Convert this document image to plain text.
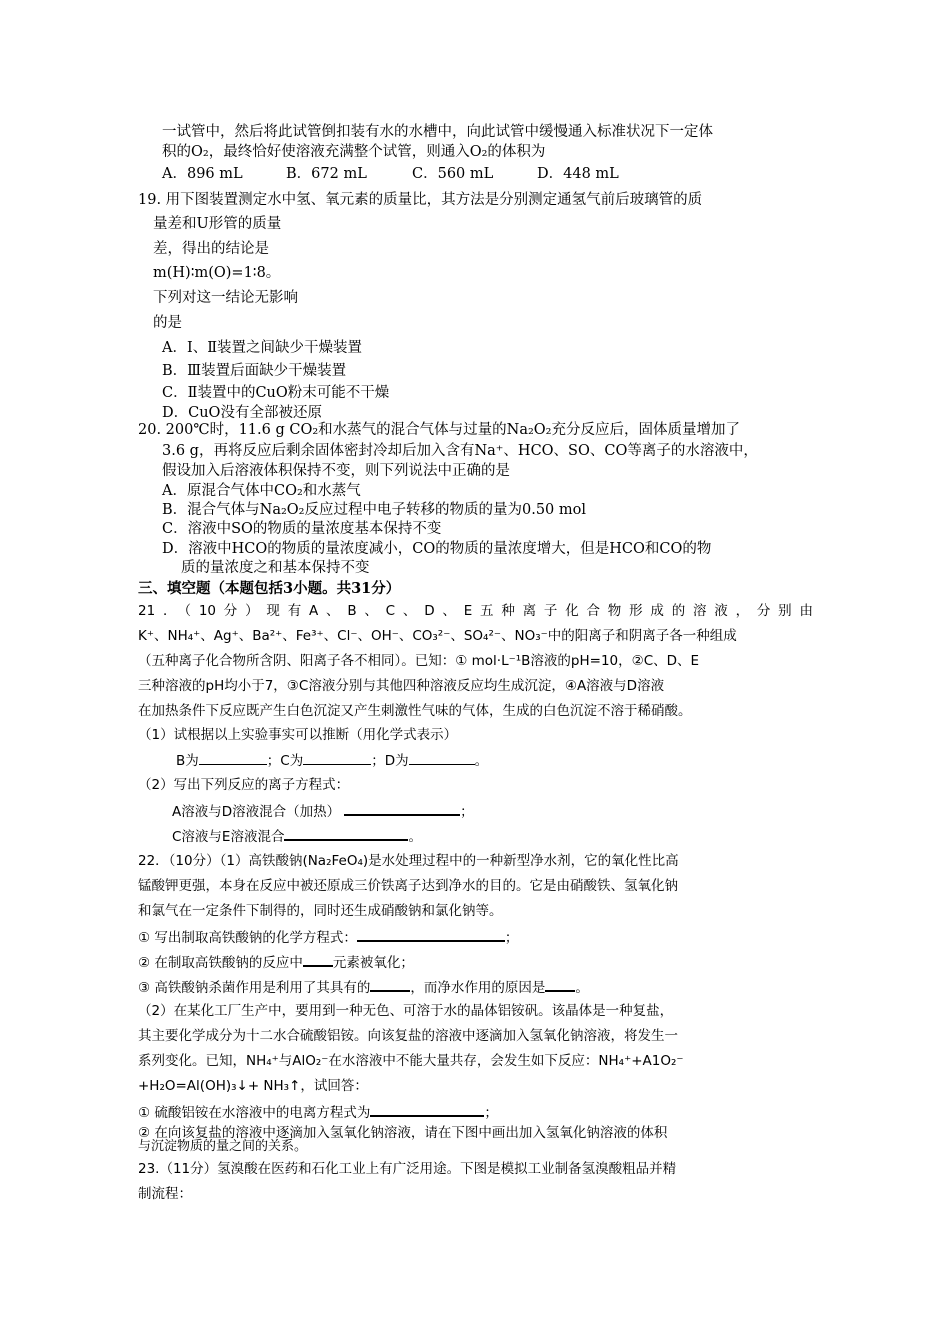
一试管中，然后将此试管倒扣装有水的水槽中，向此试管中缓慢通入标准状况下一定体
积的O₂，最终恰好使溶液充满整个试管，则通入O₂的体积为
A．896 mL	B．672 mL	C．560 mL	D．448 mL
19. 用下图装置测定水中氢、氧元素的质量比，其方法是分别测定通氢气前后玻璃管的质
量差和U形管的质量
差，得出的结论是
m(H)∶m(O)=1∶8。
下列对这一结论无影响
的是
A．Ⅰ、Ⅱ装置之间缺少干燥装置
B．Ⅲ装置后面缺少干燥装置
C．Ⅱ装置中的CuO粉末可能不干燥
D．CuO没有全部被还原
20. 200℃时，11.6 g CO₂和水蒸气的混合气体与过量的Na₂O₂充分反应后，固体质量增加了
3.6 g，再将反应后剩余固体密封冷却后加入含有Na⁺、HCO、SO、CO等离子的水溶液中，
假设加入后溶液体积保持不变，则下列说法中正确的是
A．原混合气体中CO₂和水蒸气
B．混合气体与Na₂O₂反应过程中电子转移的物质的量为0.50 mol
C．溶液中SO的物质的量浓度基本保持不变
D．溶液中HCO的物质的量浓度减小，CO的物质的量浓度增大，但是HCO和CO的物
质的量浓度之和基本保持不变
三、填空题（本题包括3小题。共31分）
21．（10分）现有A、B、C、D、E五种离子化合物形成的溶液，分别由
K⁺、NH₄⁺、Ag⁺、Ba²⁺、Fe³⁺、Cl⁻、OH⁻、CO₃²⁻、SO₄²⁻、NO₃⁻中的阳离子和阴离子各一种组成
（五种离子化合物所含阴、阳离子各不相同）。已知：① mol·L⁻¹B溶液的pH=10，②C、D、E
三种溶液的pH均小于7，③C溶液分别与其他四种溶液反应均生成沉淀，④A溶液与D溶液
在加热条件下反应既产生白色沉淀又产生刺激性气味的气体，生成的白色沉淀不溶于稀硝酸。
（1）试根据以上实验事实可以推断（用化学式表示）
B为	；C为	；D为	。
（2）写出下列反应的离子方程式：
A溶液与D溶液混合（加热）	；
C溶液与E溶液混合	。
22．（10分）（1）高铁酸钠(Na₂FeO₄)是水处理过程中的一种新型净水剂，它的氧化性比高
锰酸钾更强，本身在反应中被还原成三价铁离子达到净水的目的。它是由硝酸铁、氢氧化钠
和氯气在一定条件下制得的，同时还生成硝酸钠和氯化钠等。
① 写出制取高铁酸钠的化学方程式：	；
② 在制取高铁酸钠的反应中 元素被氧化；
③ 高铁酸钠杀菌作用是利用了其具有的	，而净水作用的原因是 。
（2）在某化工厂生产中，要用到一种无色、可溶于水的晶体铝铵矾。该晶体是一种复盐，
其主要化学成分为十二水合硫酸铝铵。向该复盐的溶液中逐滴加入氢氧化钠溶液，将发生一
系列变化。已知，NH₄⁺与AlO₂⁻在水溶液中不能大量共存，会发生如下反应：NH₄⁺+A1O₂⁻
+H₂O=Al(OH)₃↓+ NH₃↑，试回答：
① 硫酸铝铵在水溶液中的电离方程式为	；
② 在向该复盐的溶液中逐滴加入氢氧化钠溶液，请在下图中画出加入氢氧化钠溶液的体积
与沉淀物质的量之间的关系。
23.（11分）氢溴酸在医药和石化工业上有广泛用途。下图是模拟工业制备氢溴酸粗品并精
制流程：
